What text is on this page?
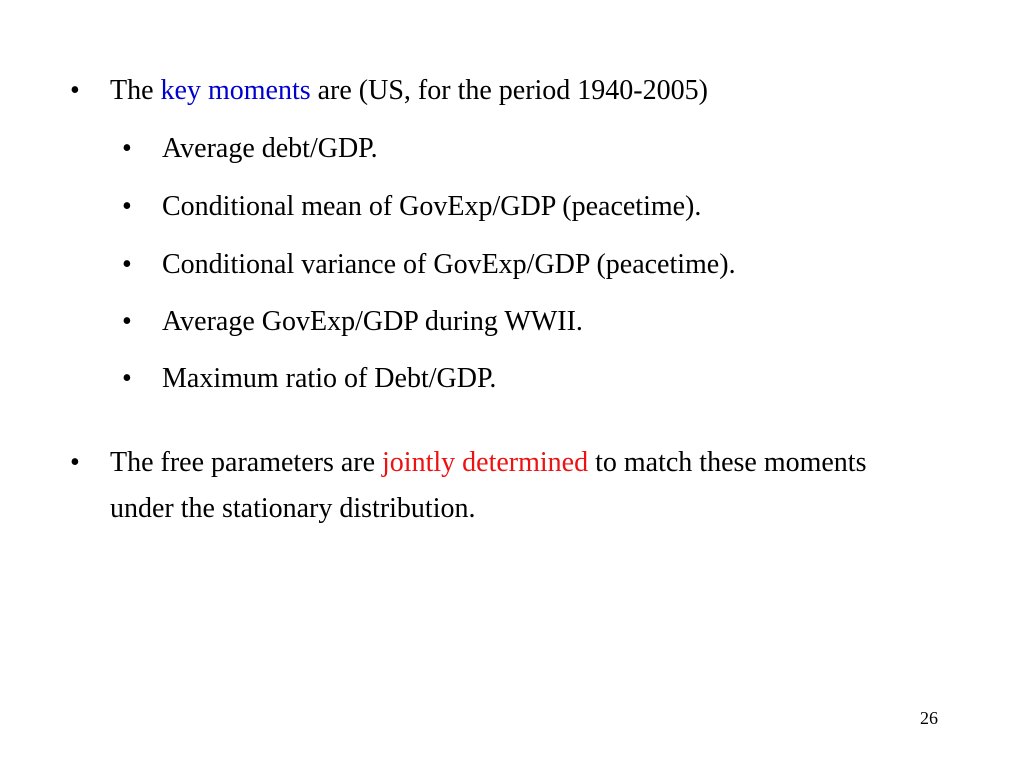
• The key moments are (US, for the period 1940-2005)
• Average debt/GDP.
• Conditional mean of GovExp/GDP (peacetime).
• Conditional variance of GovExp/GDP (peacetime).
• Average GovExp/GDP during WWII.
• Maximum ratio of Debt/GDP.
• The free parameters are jointly determined to match these moments under the stationary distribution.
26
